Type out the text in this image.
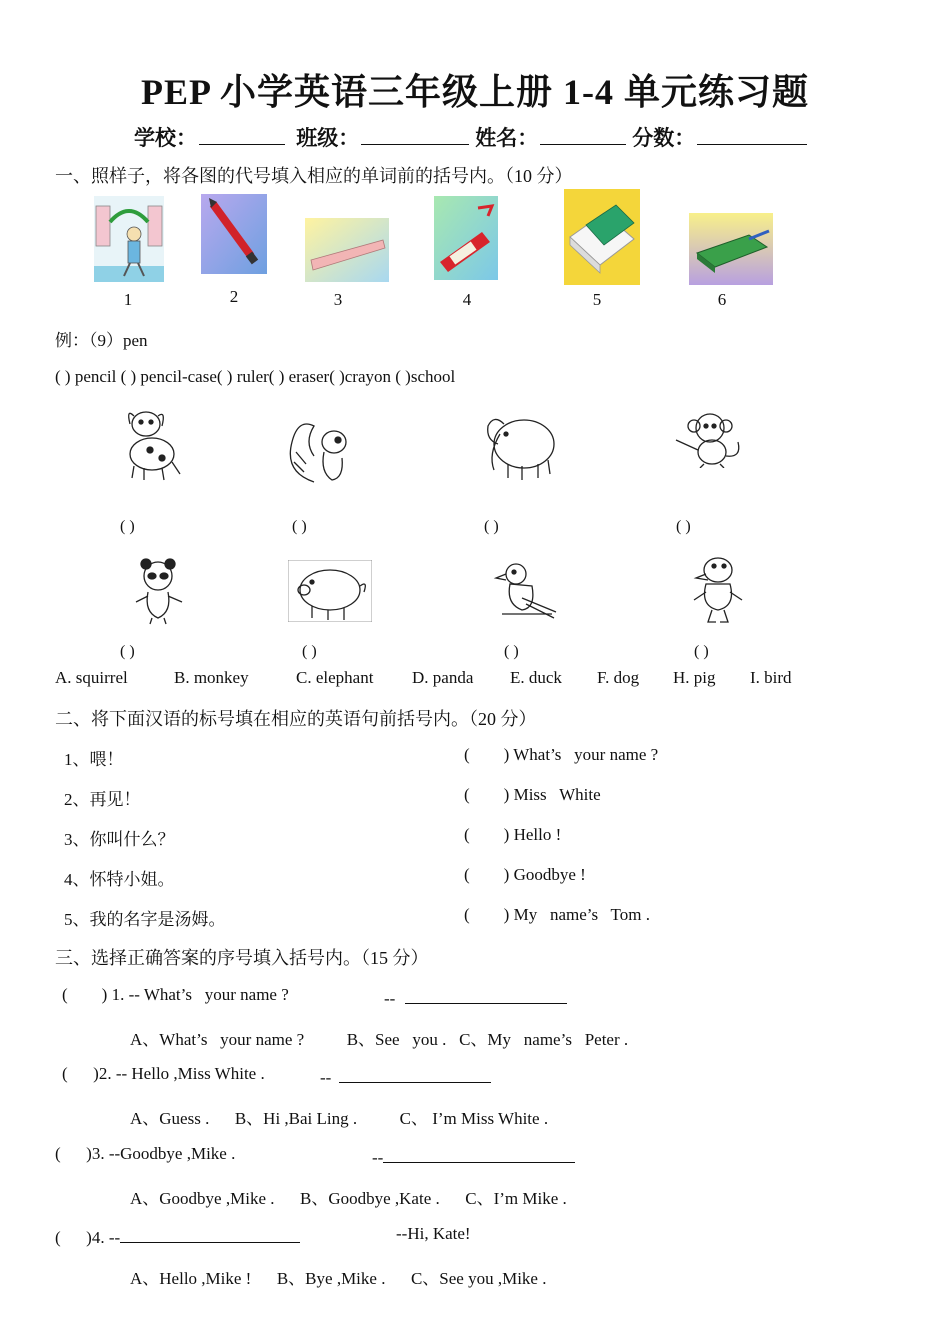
PEP 小学英语三年级上册 1-4 单元练习题
学校：	班级：	姓名：	分数：
一、照样子，将各图的代号填入相应的单词前的括号内。（10 分）
1	2	3	4	5	6
例：（9）pen
( ) pencil ( ) pencil-case( ) ruler( ) eraser( )crayon ( )school
( )	( )	( )	( )
( )	( )	( )	( )
A. squirrel	B. monkey	C. elephant D. panda E. duck F. dog H. pig I. bird
二、将下面汉语的标号填在相应的英语句前括号内。（20 分）
1、喂！	(        ) What’s   your name ?
2、再见！	(        ) Miss   White
3、你叫什么？	(        ) Hello !
4、怀特小姐。	(        ) Goodbye !
5、我的名字是汤姆。	(        ) My   name’s   Tom .
三、选择正确答案的序号填入括号内。（15 分）
(        ) 1. -- What’s   your name ?	--
A、What’s   your name ?          B、See   you .   C、My   name’s   Peter .
(      )2. -- Hello ,Miss White .	--
A、Guess .      B、Hi ,Bai Ling .          C、 I’m Miss White .
(      )3. --Goodbye ,Mike .	--
A、Goodbye ,Mike .      B、Goodbye ,Kate .      C、I’m Mike .
(      )4. --	--Hi, Kate!
A、Hello ,Mike !      B、Bye ,Mike .      C、See you ,Mike .
